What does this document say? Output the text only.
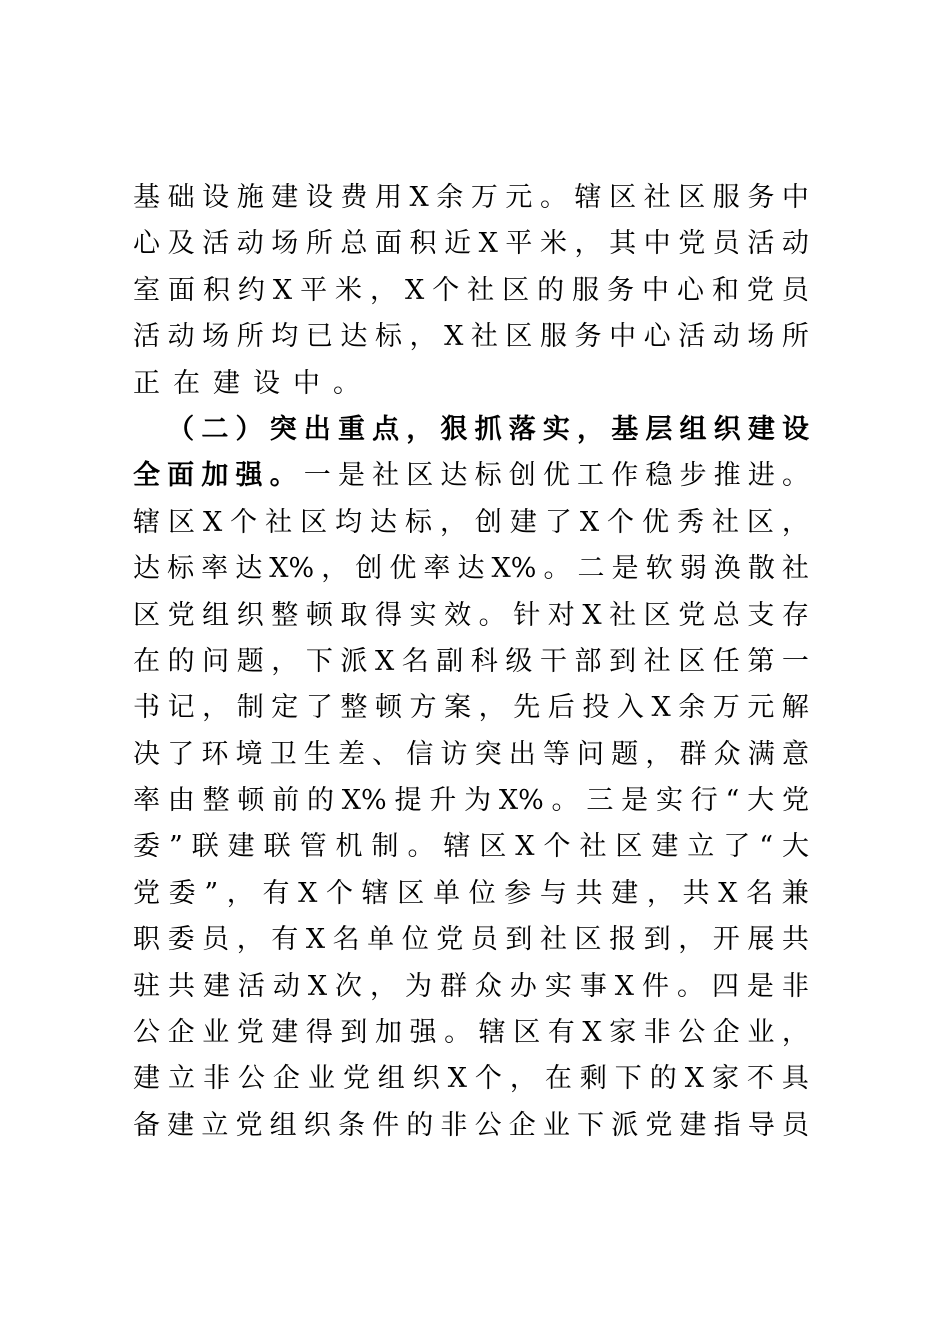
基 础 设 施 建 设 费 用 X 余 万 元 。 辖 区 社 区 服 务 中
心 及 活 动 场 所 总 面 积 近 X 平 米 ， 其 中 党 员 活 动
室 面 积 约 X 平 米 ， X 个 社 区 的 服 务 中 心 和 党 员
活 动 场 所 均 已 达 标 ， X 社 区 服 务 中 心 活 动 场 所
正 在 建 设 中 。

（ 二 ） 突 出 重 点 ， 狠 抓 落 实 ， 基 层 组 织 建 设
全 面 加 强 。 一 是 社 区 达 标 创 优 工 作 稳 步 推 进 。
辖 区 X 个 社 区 均 达 标 ， 创 建 了 X 个 优 秀 社 区 ，
达 标 率 达 X% ， 创 优 率 达 X% 。 二 是 软 弱 涣 散 社
区 党 组 织 整 顿 取 得 实 效 。 针 对 X 社 区 党 总 支 存
在 的 问 题 ， 下 派 X 名 副 科 级 干 部 到 社 区 任 第 一
书 记 ， 制 定 了 整 顿 方 案 ， 先 后 投 入 X 余 万 元 解
决 了 环 境 卫 生 差 、 信 访 突 出 等 问 题 ， 群 众 满 意
率 由 整 顿 前 的 X% 提 升 为 X% 。 三 是 实 行 “ 大 党
委 ” 联 建 联 管 机 制 。 辖 区 X 个 社 区 建 立 了 “ 大
党 委 ” ， 有 X 个 辖 区 单 位 参 与 共 建 ， 共 X 名 兼
职 委 员 ， 有 X 名 单 位 党 员 到 社 区 报 到 ， 开 展 共
驻 共 建 活 动 X 次 ， 为 群 众 办 实 事 X 件 。 四 是 非
公 企 业 党 建 得 到 加 强 。 辖 区 有 X 家 非 公 企 业 ，
建 立 非 公 企 业 党 组 织 X 个 ， 在 剩 下 的 X 家 不 具
备 建 立 党 组 织 条 件 的 非 公 企 业 下 派 党 建 指 导 员
